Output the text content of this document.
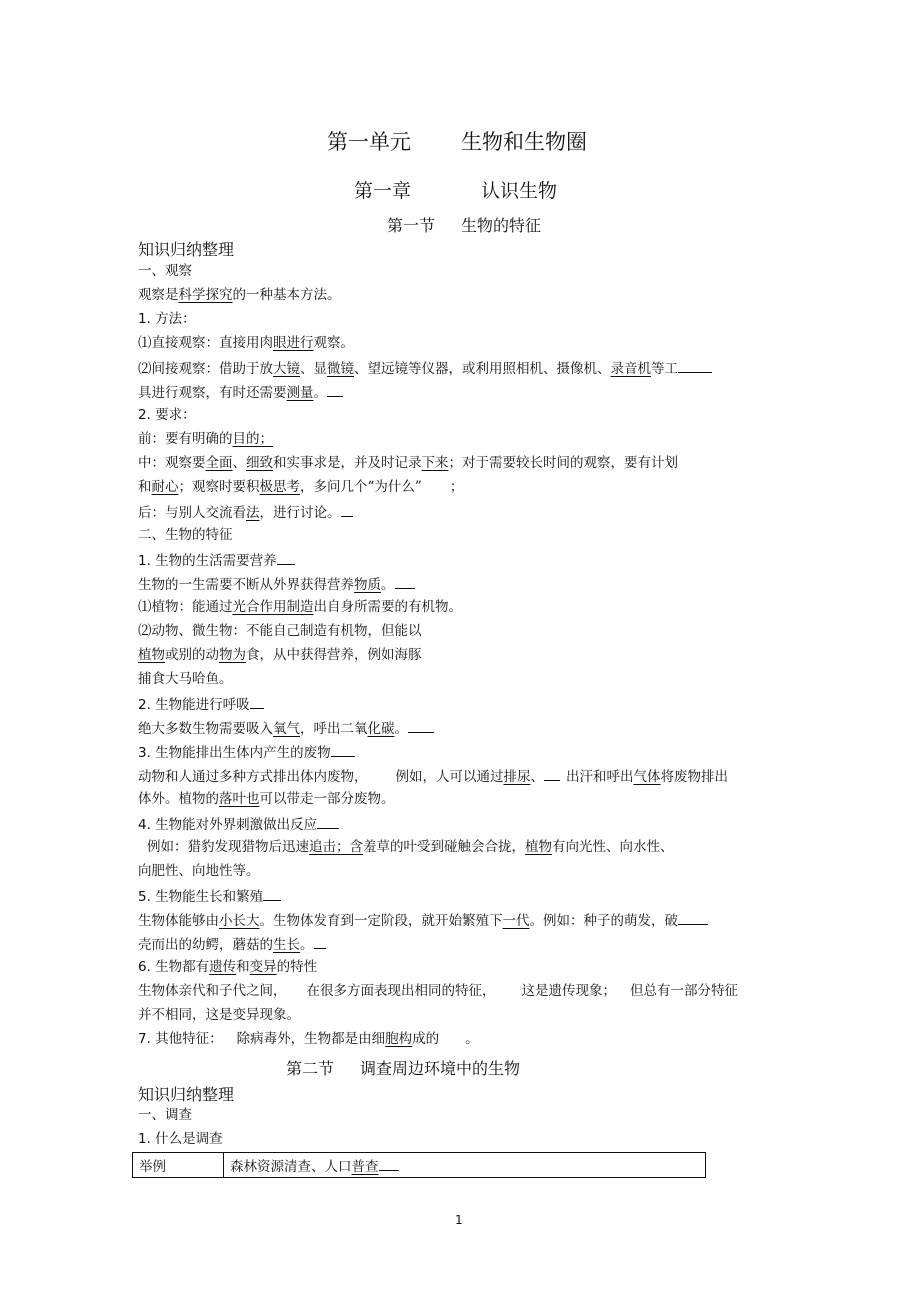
第一单元 生物和生物圈
第一章	认识生物
第一节 生物的特征
知识归纳整理
一、观察
观察是科学探究的一种基本方法。
1. 方法：
⑴直接观察：直接用肉眼进行观察。
⑵间接观察：借助于放大镜、显微镜、望远镜等仪器，或利用照相机、摄像机、录音机等工
具进行观察，有时还需要测量。
2. 要求：
前：要有明确的目的；
中：观察要全面、细致和实事求是，并及时记录下来；对于需要较长时间的观察，要有计划
和耐心；观察时要积极思考，多问几个“为什么” ；
后：与别人交流看法，进行讨论。
二、生物的特征
1. 生物的生活需要营养
生物的一生需要不断从外界获得营养物质。
⑴植物：能通过光合作用制造出自身所需要的有机物。
⑵动物、微生物：不能自己制造有机物，但能以
植物或别的动物为食，从中获得营养，例如海豚
捕食大马哈鱼。
2. 生物能进行呼吸
绝大多数生物需要吸入氧气，呼出二氧化碳。
3. 生物能排出生体内产生的废物
动物和人通过多种方式排出体内废物， 例如，人可以通过排尿、 出汗和呼出气体将废物排出
体外。植物的落叶也可以带走一部分废物。
4. 生物能对外界刺激做出反应
例如：猎豹发现猎物后迅速追击；含羞草的叶受到碰触会合拢，植物有向光性、向水性、
向肥性、向地性等。
5. 生物能生长和繁殖
生物体能够由小长大。生物体发育到一定阶段，就开始繁殖下一代。例如：种子的萌发，破
壳而出的幼鳄，蘑菇的生长。
6. 生物都有遗传和变异的特性
生物体亲代和子代之间， 在很多方面表现出相同的特征， 这是遗传现象； 但总有一部分特征
并不相同，这是变异现象。
7. 其他特征： 除病毒外，生物都是由细胞构成的 。
第二节 调查周边环境中的生物
知识归纳整理
一、调查
1. 什么是调查
举例	森林资源清查、人口普查
1
